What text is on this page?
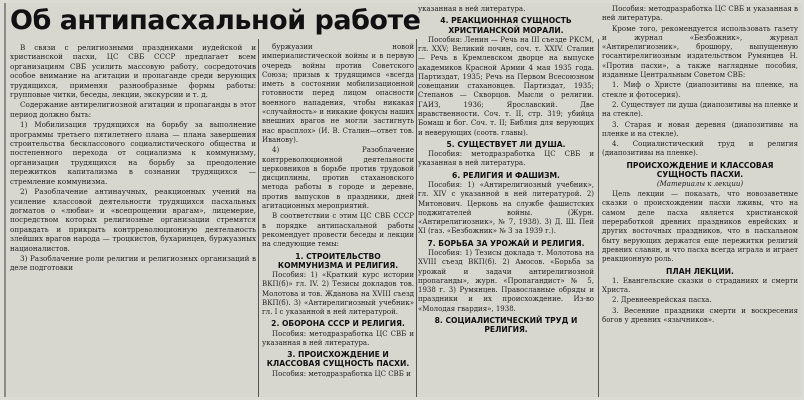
Об антипасхальной работе

В связи с религиозными праздниками иудейской и христианской пасхи, ЦС СВБ СССР предлагает всем организациям СВБ усилить массовую работу, сосредоточив особое внимание на агитации и пропаганде среди верующих трудящихся, применяя разнообразные формы работы: групповые читки, беседы, лекции, экскурсии и т. д.

Содержание антирелигиозной агитации и пропаганды в этот период должно быть:

1) Мобилизация трудящихся на борьбу за выполнение программы третьего пятилетнего плана — плана завершения строительства бесклассового социалистического общества и постепенного перехода от социализма к коммунизму, организация трудящихся на борьбу за преодоление пережитков капитализма в сознании трудящихся — стремление коммунизма.

2) Разоблачение антинаучных, реакционных учений на усиление классовой деятельности трудящихся пасхальных догматов о «любви» и «всепрощении врагам», лицемерие, посредством которых религиозные организации стремятся оправдать и прикрыть контрреволюционную деятельность злейших врагов народа — троцкистов, бухаринцев, буржуазных националистов.

3) Разоблачение роли религии и религиозных организаций в деле подготовки

буржуазии новой империалистической войны и в первую очередь войны против Советского Союза; призыв к трудящимся «всегда иметь в состоянии мобилизационной готовности перед лицом опасности военного нападения, чтобы никакая «случайность» и никакие фокусы наших внешних врагов не могли застигнуть нас врасплох» (И. В. Сталин—ответ тов. Иванову).

4) Разоблачение контрреволюционной деятельности церковников в борьбе против трудовой дисциплины, против стахановского метода работы в городе и деревне, против выпусков в праздники, дней агитационных мероприятий.

В соответствии с этим ЦС СВБ СССР в порядке антипасхальной работы рекомендует провести беседы и лекции на следующие темы:

1. СТРОИТЕЛЬСТВО КОММУНИЗМА И РЕЛИГИЯ.

Пособия: 1) «Краткий курс истории ВКП(б)» гл. IV. 2) Тезисы докладов тов. Молотова и тов. Жданова на XVIII съезд ВКП(б). 3) «Антирелигиозный учебник» гл. I с указанной в ней литературой.

2. ОБОРОНА СССР И РЕЛИГИЯ.

Пособия: методразработка ЦС СВБ и указанная в ней литература.

3. ПРОИСХОЖДЕНИЕ И КЛАССОВАЯ СУЩНОСТЬ ПАСХИ.

Пособия: методразработка ЦС СВБ и

указанная в ней литература.

4. РЕАКЦИОННАЯ СУЩНОСТЬ ХРИСТИАНСКОЙ МОРАЛИ.

Пособия: Ленин — Речь на III съезде РКСМ, гл. XXV; Великий почин, соч. т. XXIV. Сталин — Речь в Кремлевском дворце на выпуске академиков Красной Армии 4 мая 1935 года. Партиздат, 1935; Речь на Первом Всесоюзном совещании стахановцев. Партиздат, 1935; Степанов — Скворцов. Мысли о религии. ГАИЗ, 1936; Ярославский. Две нравственности. Соч. т. II, стр. 319; убийца Бомаш и бог. Соч. т. II; Библия для верующих и неверующих (соотв. главы).

5. СУЩЕСТВУЕТ ЛИ ДУША.

Пособия: методразработка ЦС СВБ и указанная в ней литература.

6. РЕЛИГИЯ И ФАШИЗМ.

Пособия: 1) «Антирелигиозный учебник», гл. XIV с указанной в ней литературой. 2) Митонович. Церковь на службе фашистских поджигателей войны. (Журн. «Антирелигиозник», № 7, 1938). 3) Д. Ш. Пей XI (газ. «Безбожник» № 3 за 1939 г.).

7. БОРЬБА ЗА УРОЖАЙ И РЕЛИГИЯ.

Пособия: 1) Тезисы доклада т. Молотова на XVIII съезд ВКП(б). 2) Амосов. «Борьба за урожай и задачи антирелигиозной пропаганды», журн. «Пропагандист» № 5, 1938 г. 3) Румянцев. Православные обряды и праздники и их происхождение. Из-во «Молодая гвардия», 1938.

8. СОЦИАЛИСТИЧЕСКИЙ ТРУД И РЕЛИГИЯ.

Пособия: методразработка ЦС СВБ и указанная в ней литература.

Кроме того, рекомендуется использовать газету и журнал «Безбожник», журнал «Антирелигиозник», брошюру, выпущенную госантирелигиозным издательством Румянцев Н. «Против пасхи», а также наглядные пособия, изданные Центральным Советом СВБ:

1. Миф о Христе (диапозитивы на пленке, на стекле и фотосерия).

2. Существует ли душа (диапозитивы на пленке и на стекле).

3. Старая и новая деревня (диапозитивы на пленке и на стекле).

4. Социалистический труд и религия (диапозитивы на пленке).

ПРОИСХОЖДЕНИЕ И КЛАССОВАЯ СУЩНОСТЬ ПАСХИ.
(Материалы к лекции)

Цель лекции — показать, что новозаветные сказки о происхождении пасхи лживы, что на самом деле пасха является христианской переработкой древних праздников еврейских и других восточных праздников, что в пасхальном быту верующих держатся еще пережитки религий древних славян, и что пасха всегда играла и играет реакционную роль.

ПЛАН ЛЕКЦИИ.

1. Евангельские сказки о страданиях и смерти Христа.

2. Древнееврейская пасха.

3. Весенние праздники смерти и воскресения богов у древних «язычников».
